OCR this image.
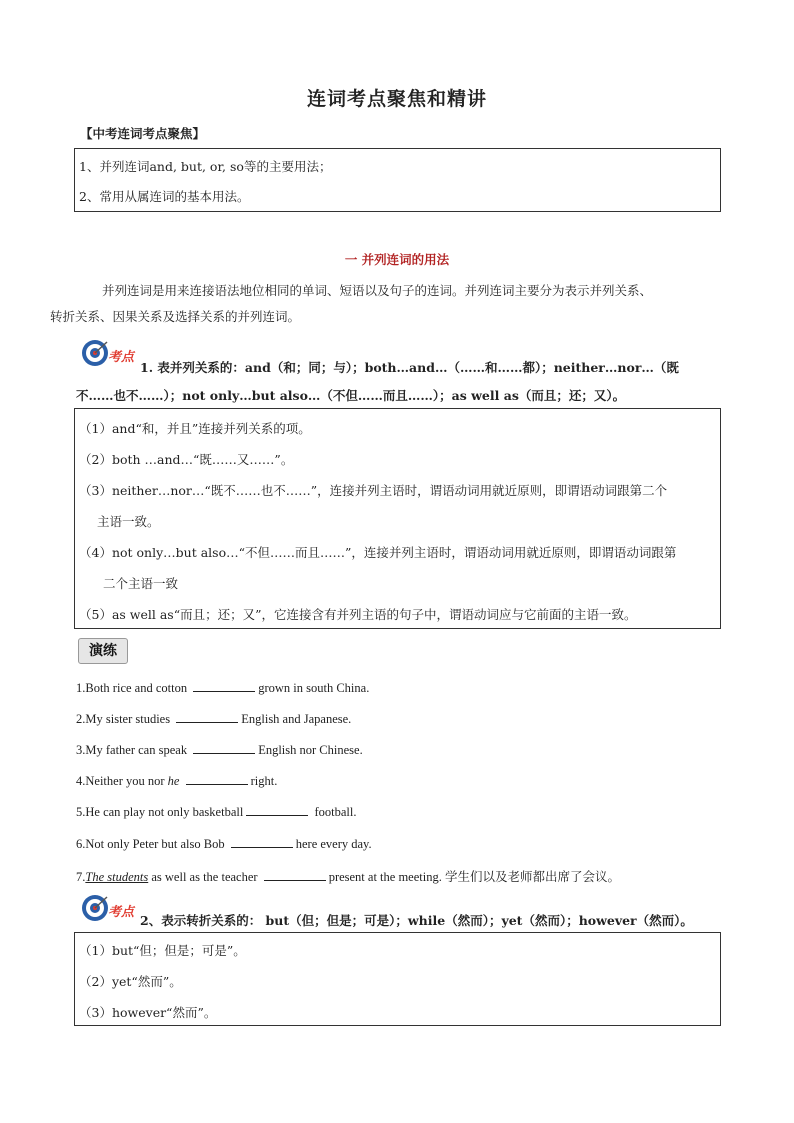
连词考点聚焦和精讲
【中考连词考点聚焦】
1、并列连词and, but, or, so等的主要用法；
2、常用从属连词的基本用法。
一 并列连词的用法
并列连词是用来连接语法地位相同的单词、短语以及句子的连词。并列连词主要分为表示并列关系、
转折关系、因果关系及选择关系的并列连词。
考点
1. 表并列关系的：and（和；同；与）；both…and…（……和……都）；neither…nor…（既
不……也不……）；not only…but also…（不但……而且……）；as well as（而且；还；又）。
（1）and“和，并且”连接并列关系的项。
（2）both …and…“既……又……”。
（3）neither…nor…“既不……也不……”，连接并列主语时，谓语动词用就近原则，即谓语动词跟第二个
主语一致。
（4）not only…but also…“不但……而且……”，连接并列主语时，谓语动词用就近原则，即谓语动词跟第
二个主语一致
（5）as well as“而且；还；又”，它连接含有并列主语的句子中，谓语动词应与它前面的主语一致。
演练
1.Both rice and cotton	grown in south China.
2.My sister studies	English and Japanese.
3.My father can speak	English nor Chinese.
4.Neither you nor he	right.
5.He can play not only basketball	football.
6.Not only Peter but also Bob	here every day.
7.The students as well as the teacher	present at the meeting. 学生们以及老师都出席了会议。
考点
2、表示转折关系的： but（但；但是；可是）；while（然而）；yet（然而）；however（然而）。
（1）but“但；但是；可是”。
（2）yet“然而”。
（3）however“然而”。
